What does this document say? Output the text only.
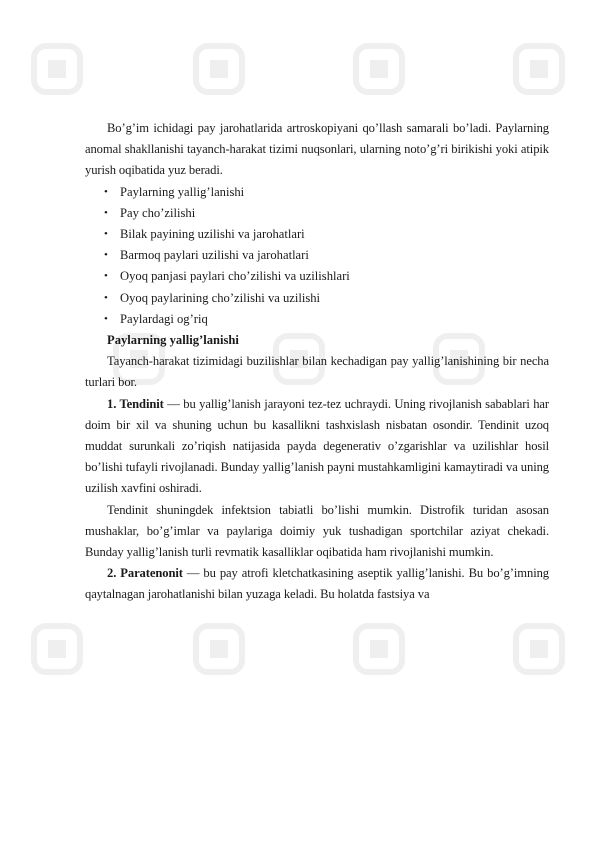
Bo’g’im ichidagi pay jarohatlarida artroskopiyani qo’llash samarali bo’ladi. Paylarning anomal shakllanishi tayanch-harakat tizimi nuqsonlari, ularning noto’g’ri birikishi yoki atipik yurish oqibatida yuz beradi.

• Paylarning yallig’lanishi
• Pay cho’zilishi
• Bilak payining uzilishi va jarohatlari
• Barmoq paylari uzilishi va jarohatlari
• Oyoq panjasi paylari cho’zilishi va uzilishlari
• Oyoq paylarining cho’zilishi va uzilishi
• Paylardagi og’riq

Paylarning yallig’lanishi

Tayanch-harakat tizimidagi buzilishlar bilan kechadigan pay yallig’lanishining bir necha turlari bor.

1. Tendinit — bu yallig’lanish jarayoni tez-tez uchraydi. Uning rivojlanish sabablari har doim bir xil va shuning uchun bu kasallikni tashxislash nisbatan osondir. Tendinit uzoq muddat surunkali zo’riqish natijasida payda degenerativ o’zgarishlar va uzilishlar hosil bo’lishi tufayli rivojlanadi. Bunday yallig’lanish payni mustahkamligini kamaytiradi va uning uzilish xavfini oshiradi.

Tendinit shuningdek infektsion tabiatli bo’lishi mumkin. Distrofik turidan asosan mushaklar, bo’g’imlar va paylariga doimiy yuk tushadigan sportchilar aziyat chekadi. Bunday yallig’lanish turli revmatik kasalliklar oqibatida ham rivojlanishi mumkin.

2. Paratenonit — bu pay atrofi kletchatkasining aseptik yallig’lanishi. Bu bo’g’imning qaytalnagan jarohatlanishi bilan yuzaga keladi. Bu holatda fastsiya va
